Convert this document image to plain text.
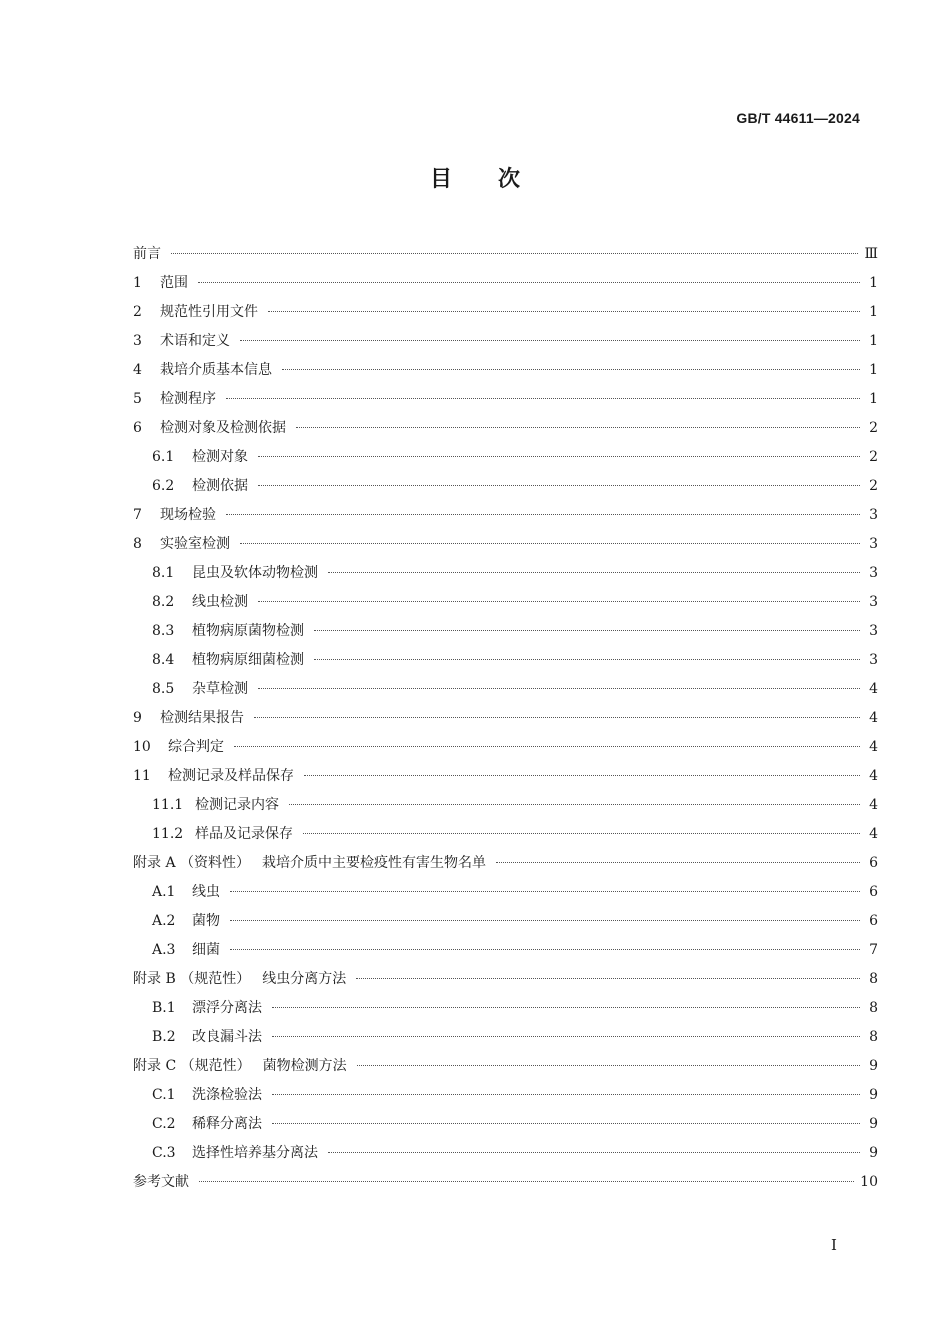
GB/T 44611—2024
目次
前言	Ⅲ
1	范围	1
2	规范性引用文件	1
3	术语和定义	1
4	栽培介质基本信息	1
5	检测程序	1
6	检测对象及检测依据	2
6.1	检测对象	2
6.2	检测依据	2
7	现场检验	3
8	实验室检测	3
8.1	昆虫及软体动物检测	3
8.2	线虫检测	3
8.3	植物病原菌物检测	3
8.4	植物病原细菌检测	3
8.5	杂草检测	4
9	检测结果报告	4
10	综合判定	4
11	检测记录及样品保存	4
11.1 检测记录内容	4
11.2 样品及记录保存	4
附录 A （资料性） 栽培介质中主要检疫性有害生物名单	6
A.1	线虫	6
A.2	菌物	6
A.3	细菌	7
附录 B （规范性） 线虫分离方法	8
B.1	漂浮分离法	8
B.2	改良漏斗法	8
附录 C （规范性） 菌物检测方法	9
C.1	洗涤检验法	9
C.2	稀释分离法	9
C.3	选择性培养基分离法	9
参考文献	10
I
